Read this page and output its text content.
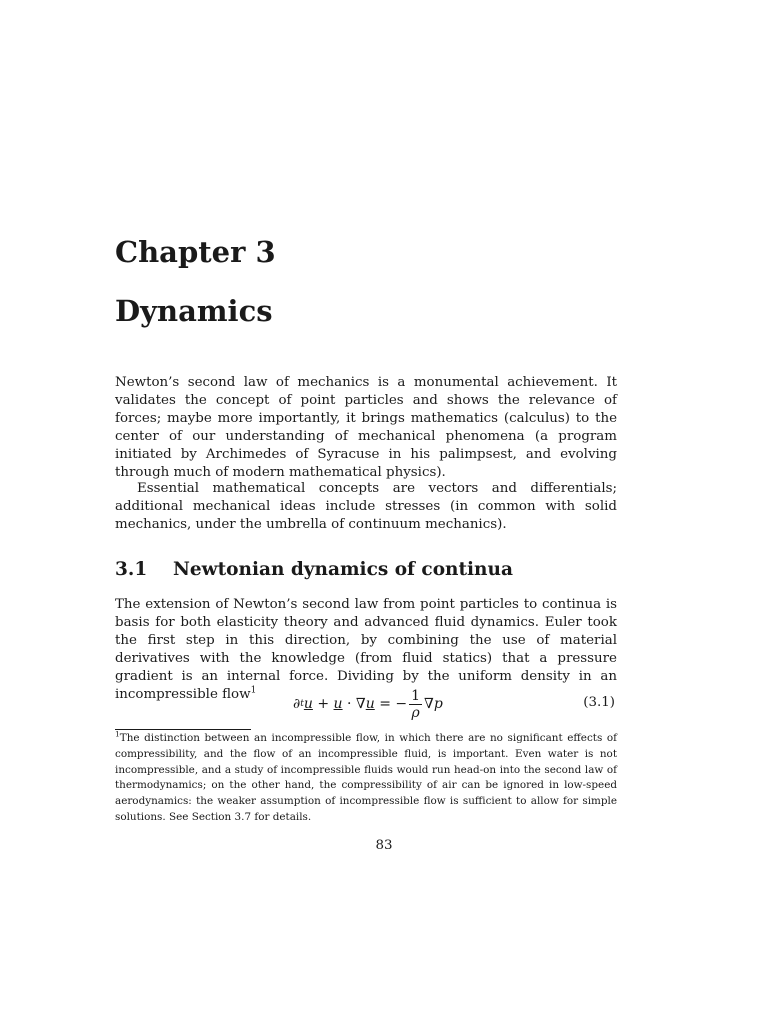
Chapter 3
Dynamics

Newton’s second law of mechanics is a monumental achievement. It validates the concept of point particles and shows the relevance of forces; maybe more importantly, it brings mathematics (calculus) to the center of our understanding of mechanical phenomena (a program initiated by Archimedes of Syracuse in his palimpsest, and evolving through much of modern mathematical physics).

Essential mathematical concepts are vectors and differentials; additional mechanical ideas include stresses (in common with solid mechanics, under the umbrella of continuum mechanics).

3.1 Newtonian dynamics of continua

The extension of Newton’s second law from point particles to continua is basis for both elasticity theory and advanced fluid dynamics. Euler took the first step in this direction, by combining the use of material derivatives with the knowledge (from fluid statics) that a pressure gradient is an internal force. Dividing by the uniform density in an incompressible flow$^1$

∂ t u + u · ∇ u = − $\frac{1}{\rho}$ ∇ p	(3.1)

$^1$The distinction between an incompressible flow, in which there are no significant effects of compressibility, and the flow of an incompressible fluid, is important. Even water is not incompressible, and a study of incompressible fluids would run head-on into the second law of thermodynamics; on the other hand, the compressibility of air can be ignored in low-speed aerodynamics: the weaker assumption of incompressible flow is sufficient to allow for simple solutions. See Section 3.7 for details.

83
